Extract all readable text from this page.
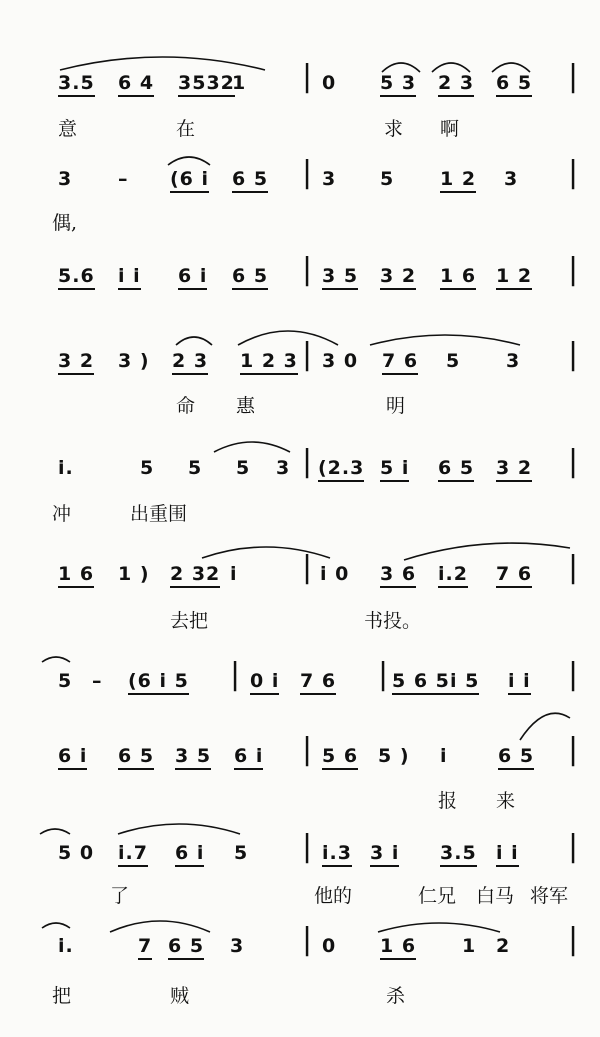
3.5 6 4 3532
1 | 0 5 3 2 3 6 5 |
意	在	求 啊
3 – (6 i 6 5 | 3 5 1 2 3 |
偶,
5.6 i i 6 i 6 5 | 3 5 3 2 1 6 1 2 |
3 2 3 ) 2 3 1 2 3 | 3 0 7 6 5 3 |
命 惠	明
i.	5 5 5 3 | (2.3 5 i 6 5 3 2 |
冲	出重围
1 6 1 ) 2 32 i | i 0 3 6 i.2 7 6 |
去把	书投。
5 – (6 i 5 | 0 i 7 6 | 5 6 5 i 5 i i |
6 i 6 5 3 5 6 i | 5 6 5 ) i	6 5 |
报 来
5 0 i.7 6 i 5 | i.3 3 i 3.5 i i |
了	他的	仁兄 白马 将军
i.	7 6 5 3 | 0 1 6 1 2 |
把	贼	杀
